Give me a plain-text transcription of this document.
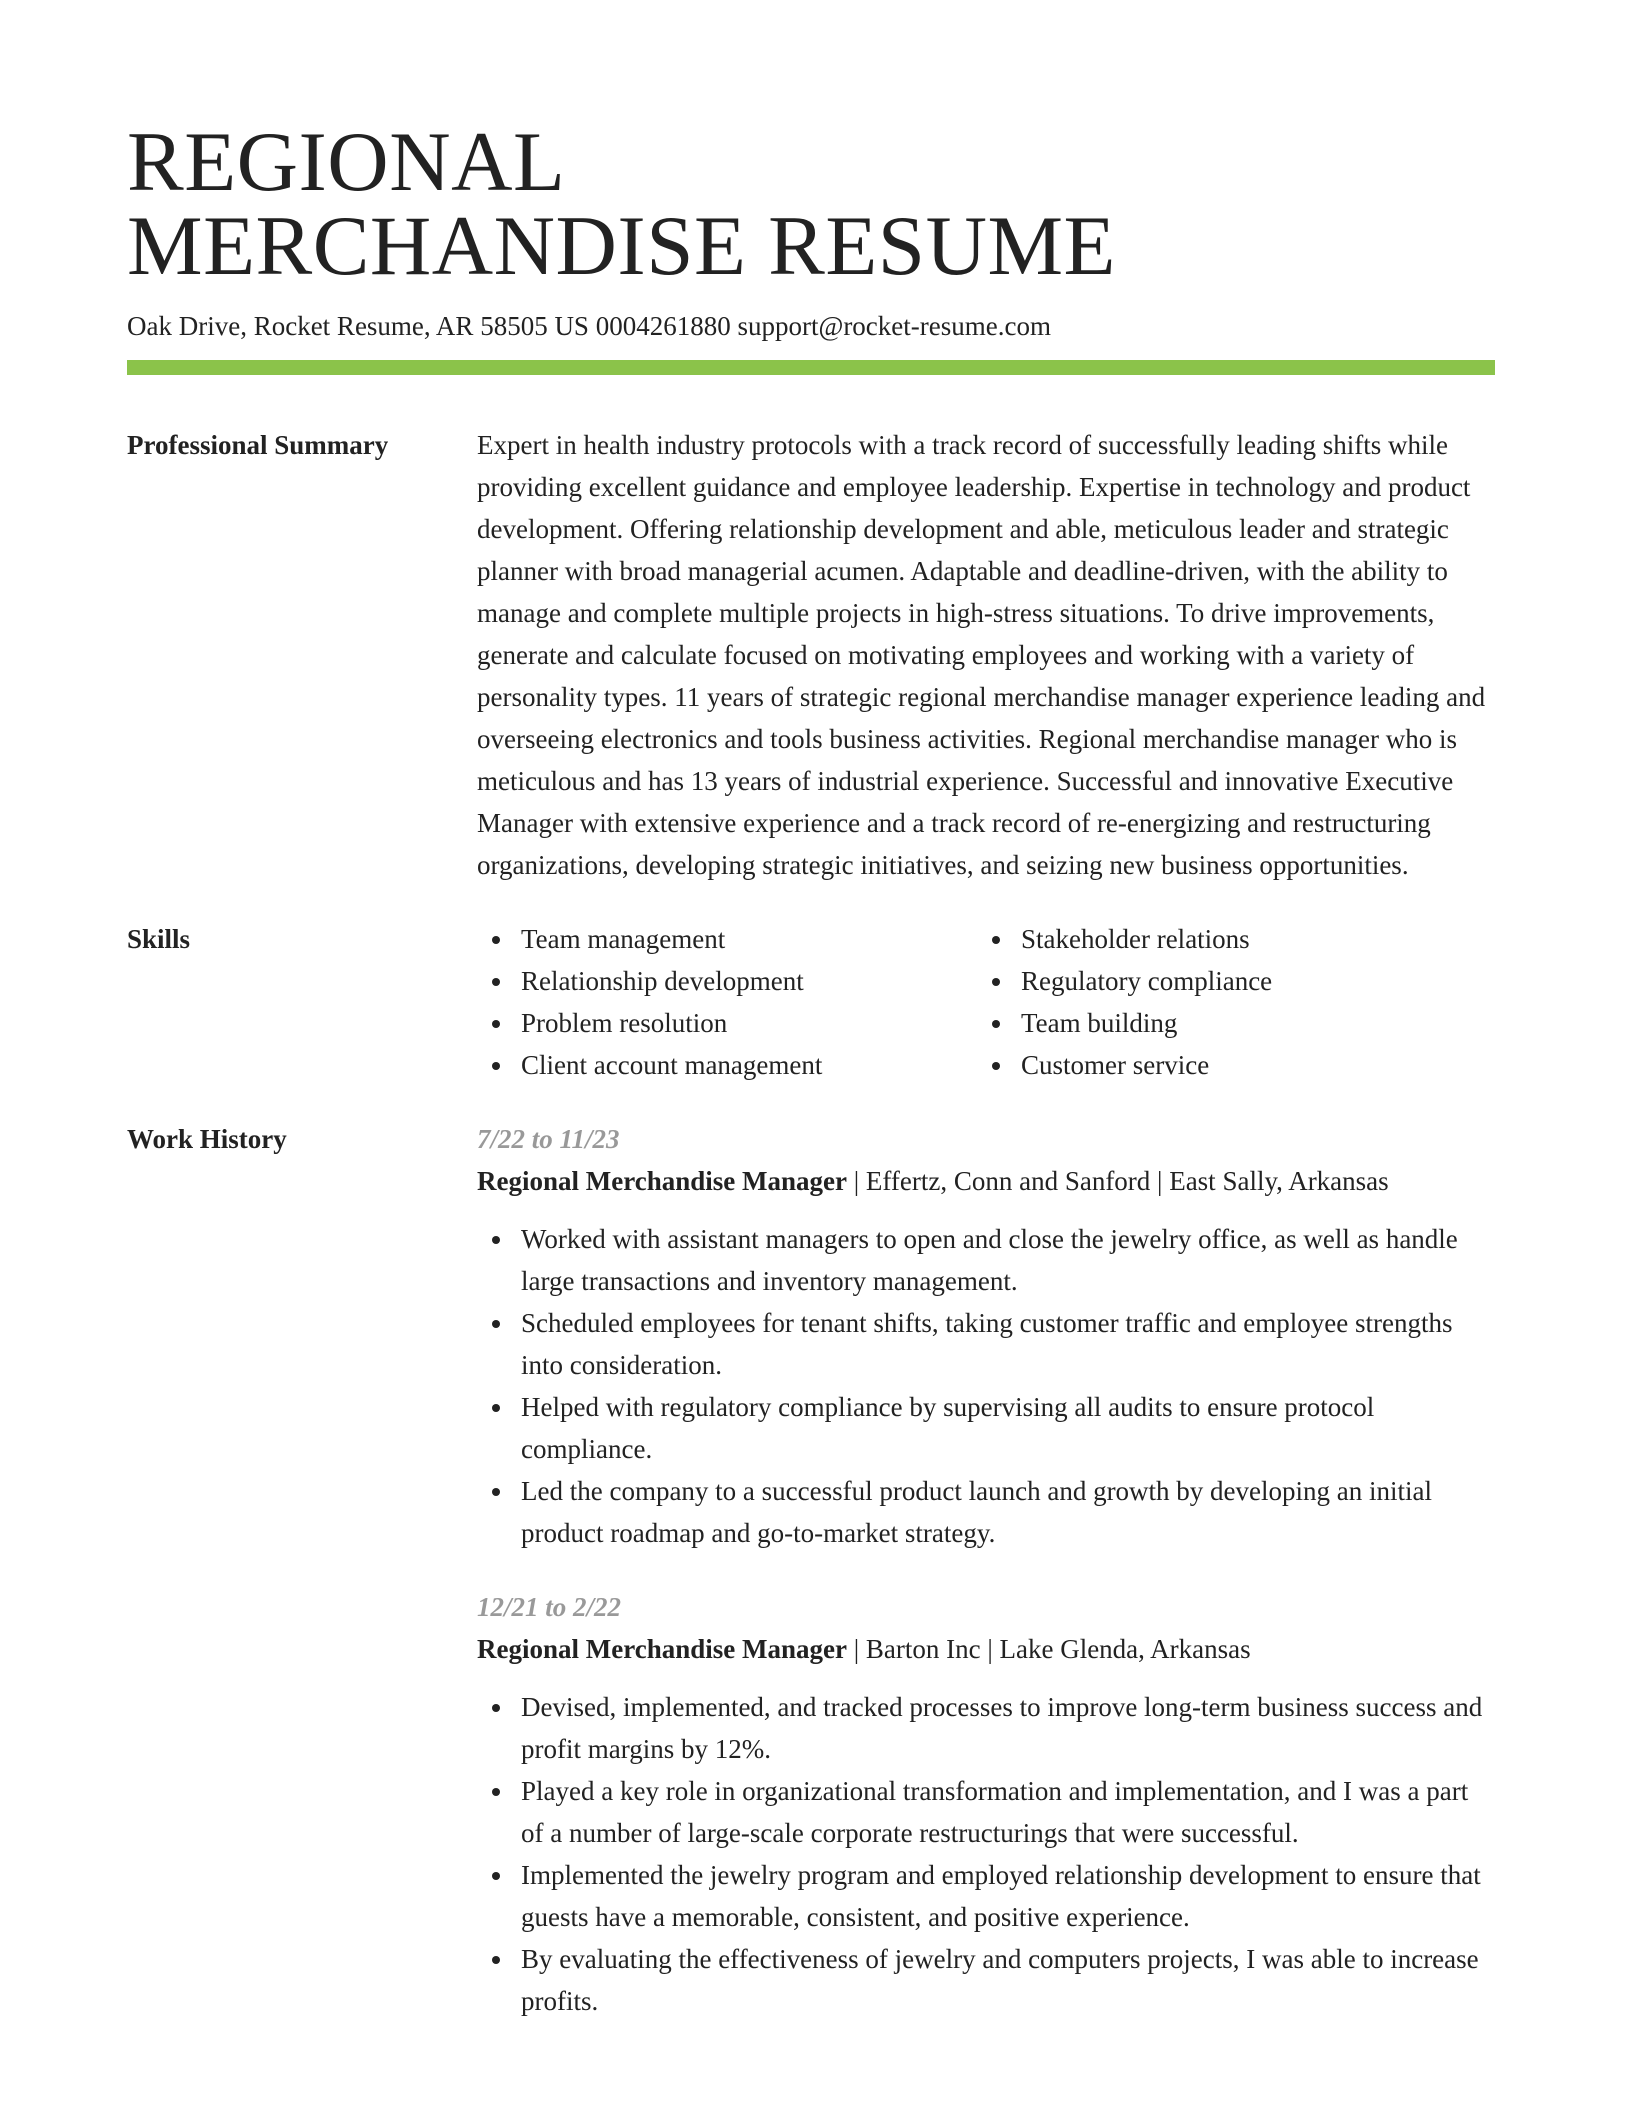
REGIONAL
MERCHANDISE RESUME
Oak Drive, Rocket Resume, AR 58505 US 0004261880 support@rocket-resume.com
Professional Summary	Expert in health industry protocols with a track record of successfully leading shifts while providing excellent guidance and employee leadership. Expertise in technology and product development. Offering relationship development and able, meticulous leader and strategic planner with broad managerial acumen. Adaptable and deadline-driven, with the ability to manage and complete multiple projects in high-stress situations. To drive improvements, generate and calculate focused on motivating employees and working with a variety of personality types. 11 years of strategic regional merchandise manager experience leading and overseeing electronics and tools business activities. Regional merchandise manager who is meticulous and has 13 years of industrial experience. Successful and innovative Executive Manager with extensive experience and a track record of re-energizing and restructuring organizations, developing strategic initiatives, and seizing new business opportunities.
Skills	Team management
Relationship development
Problem resolution
Client account management
Stakeholder relations
Regulatory compliance
Team building
Customer service
Work History	7/22 to 11/23
Regional Merchandise Manager | Effertz, Conn and Sanford | East Sally, Arkansas
Worked with assistant managers to open and close the jewelry office, as well as handle large transactions and inventory management.
Scheduled employees for tenant shifts, taking customer traffic and employee strengths into consideration.
Helped with regulatory compliance by supervising all audits to ensure protocol compliance.
Led the company to a successful product launch and growth by developing an initial product roadmap and go-to-market strategy.
12/21 to 2/22
Regional Merchandise Manager | Barton Inc | Lake Glenda, Arkansas
Devised, implemented, and tracked processes to improve long-term business success and profit margins by 12%.
Played a key role in organizational transformation and implementation, and I was a part of a number of large-scale corporate restructurings that were successful.
Implemented the jewelry program and employed relationship development to ensure that guests have a memorable, consistent, and positive experience.
By evaluating the effectiveness of jewelry and computers projects, I was able to increase profits.
